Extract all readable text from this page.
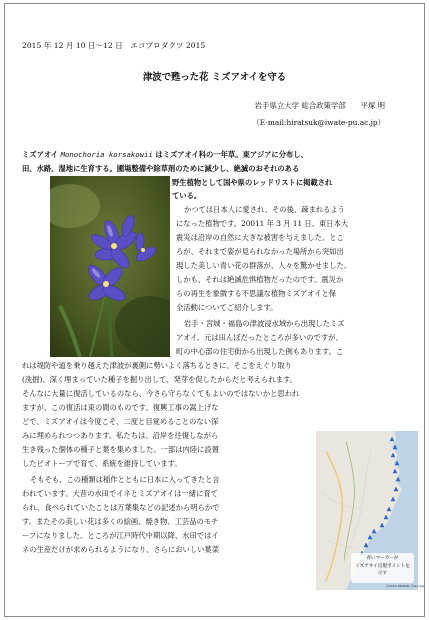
2015 年 12 月 10 日～12 日　エコプロダクツ 2015
津波で甦った花 ミズアオイを守る
岩手県立大学 総合政策学部　　平塚 明
（E-mail:hiratsuk@iwate-pu.ac.jp）
ミズアオイ Monochoria korsakowii はミズアオイ科の一年草。東アジアに分布し、
田、水路、湿地に生育する。圃場整備や除草剤のために減少し、絶滅のおそれのある
野生植物として国や県のレッドリストに掲載され
ている。
かつては日本人に愛され、その後、疎まれるよう
になった植物です。20011 年 3 月 11 日、東日本大
震災は沿岸の自然に大きな被害を与えました。とこ
ろが、それまで姿が見られなかった場所から突如出
現した美しい青い花の群落が、人々を驚かせました。
しかも、それは絶滅危惧植物だったのです。震災か
らの再生を象徴する不思議な植物ミズアオイと保
全活動についてご紹介します。
岩手・宮城・福島の津波浸水域から出現したミズ
アオイ。元は田んぼだったところが多いのですが、
町の中心部の住宅街から出現した例もあります。こ
れは堤防や道を乗り越えた津波が裏側に勢いよく落ちるときに、そこをえぐり取り
(洗掘)、深く埋まっていた種子を掘り出して、発芽を促したからだと考えられます。
そんなに大量に復活しているのなら、今さら守らなくてもよいのではないかと思われ
ますが、この復活は束の間のものです。復興工事の嵩上げな
どで、ミズアオイは今度こそ、二度と目覚めることのない深
みに埋められつつあります。私たちは、沿岸を往復しながら
生き残った個体の種子と葉を集めました。一部は内陸に設置
したビオトープで育て、系統を維持しています。
そもそも、この種類は稲作とともに日本に入ってきたと言
われています。大昔の水田でイネとミズアオイは一緒に育て
られ、食べられていたことは万葉集などの記述から明らかで
す。またその美しい花は多くの絵画、焼き物、工芸品のモチ
ーフになりました。ところが江戸時代中期以降、水田ではイ
ネの生産だけが求められるようになり、さらにおいしい葉菜
青いマーカーが
ミズアオイ出現ポイントを
示す
©2015 ZENRIN, ©Google
